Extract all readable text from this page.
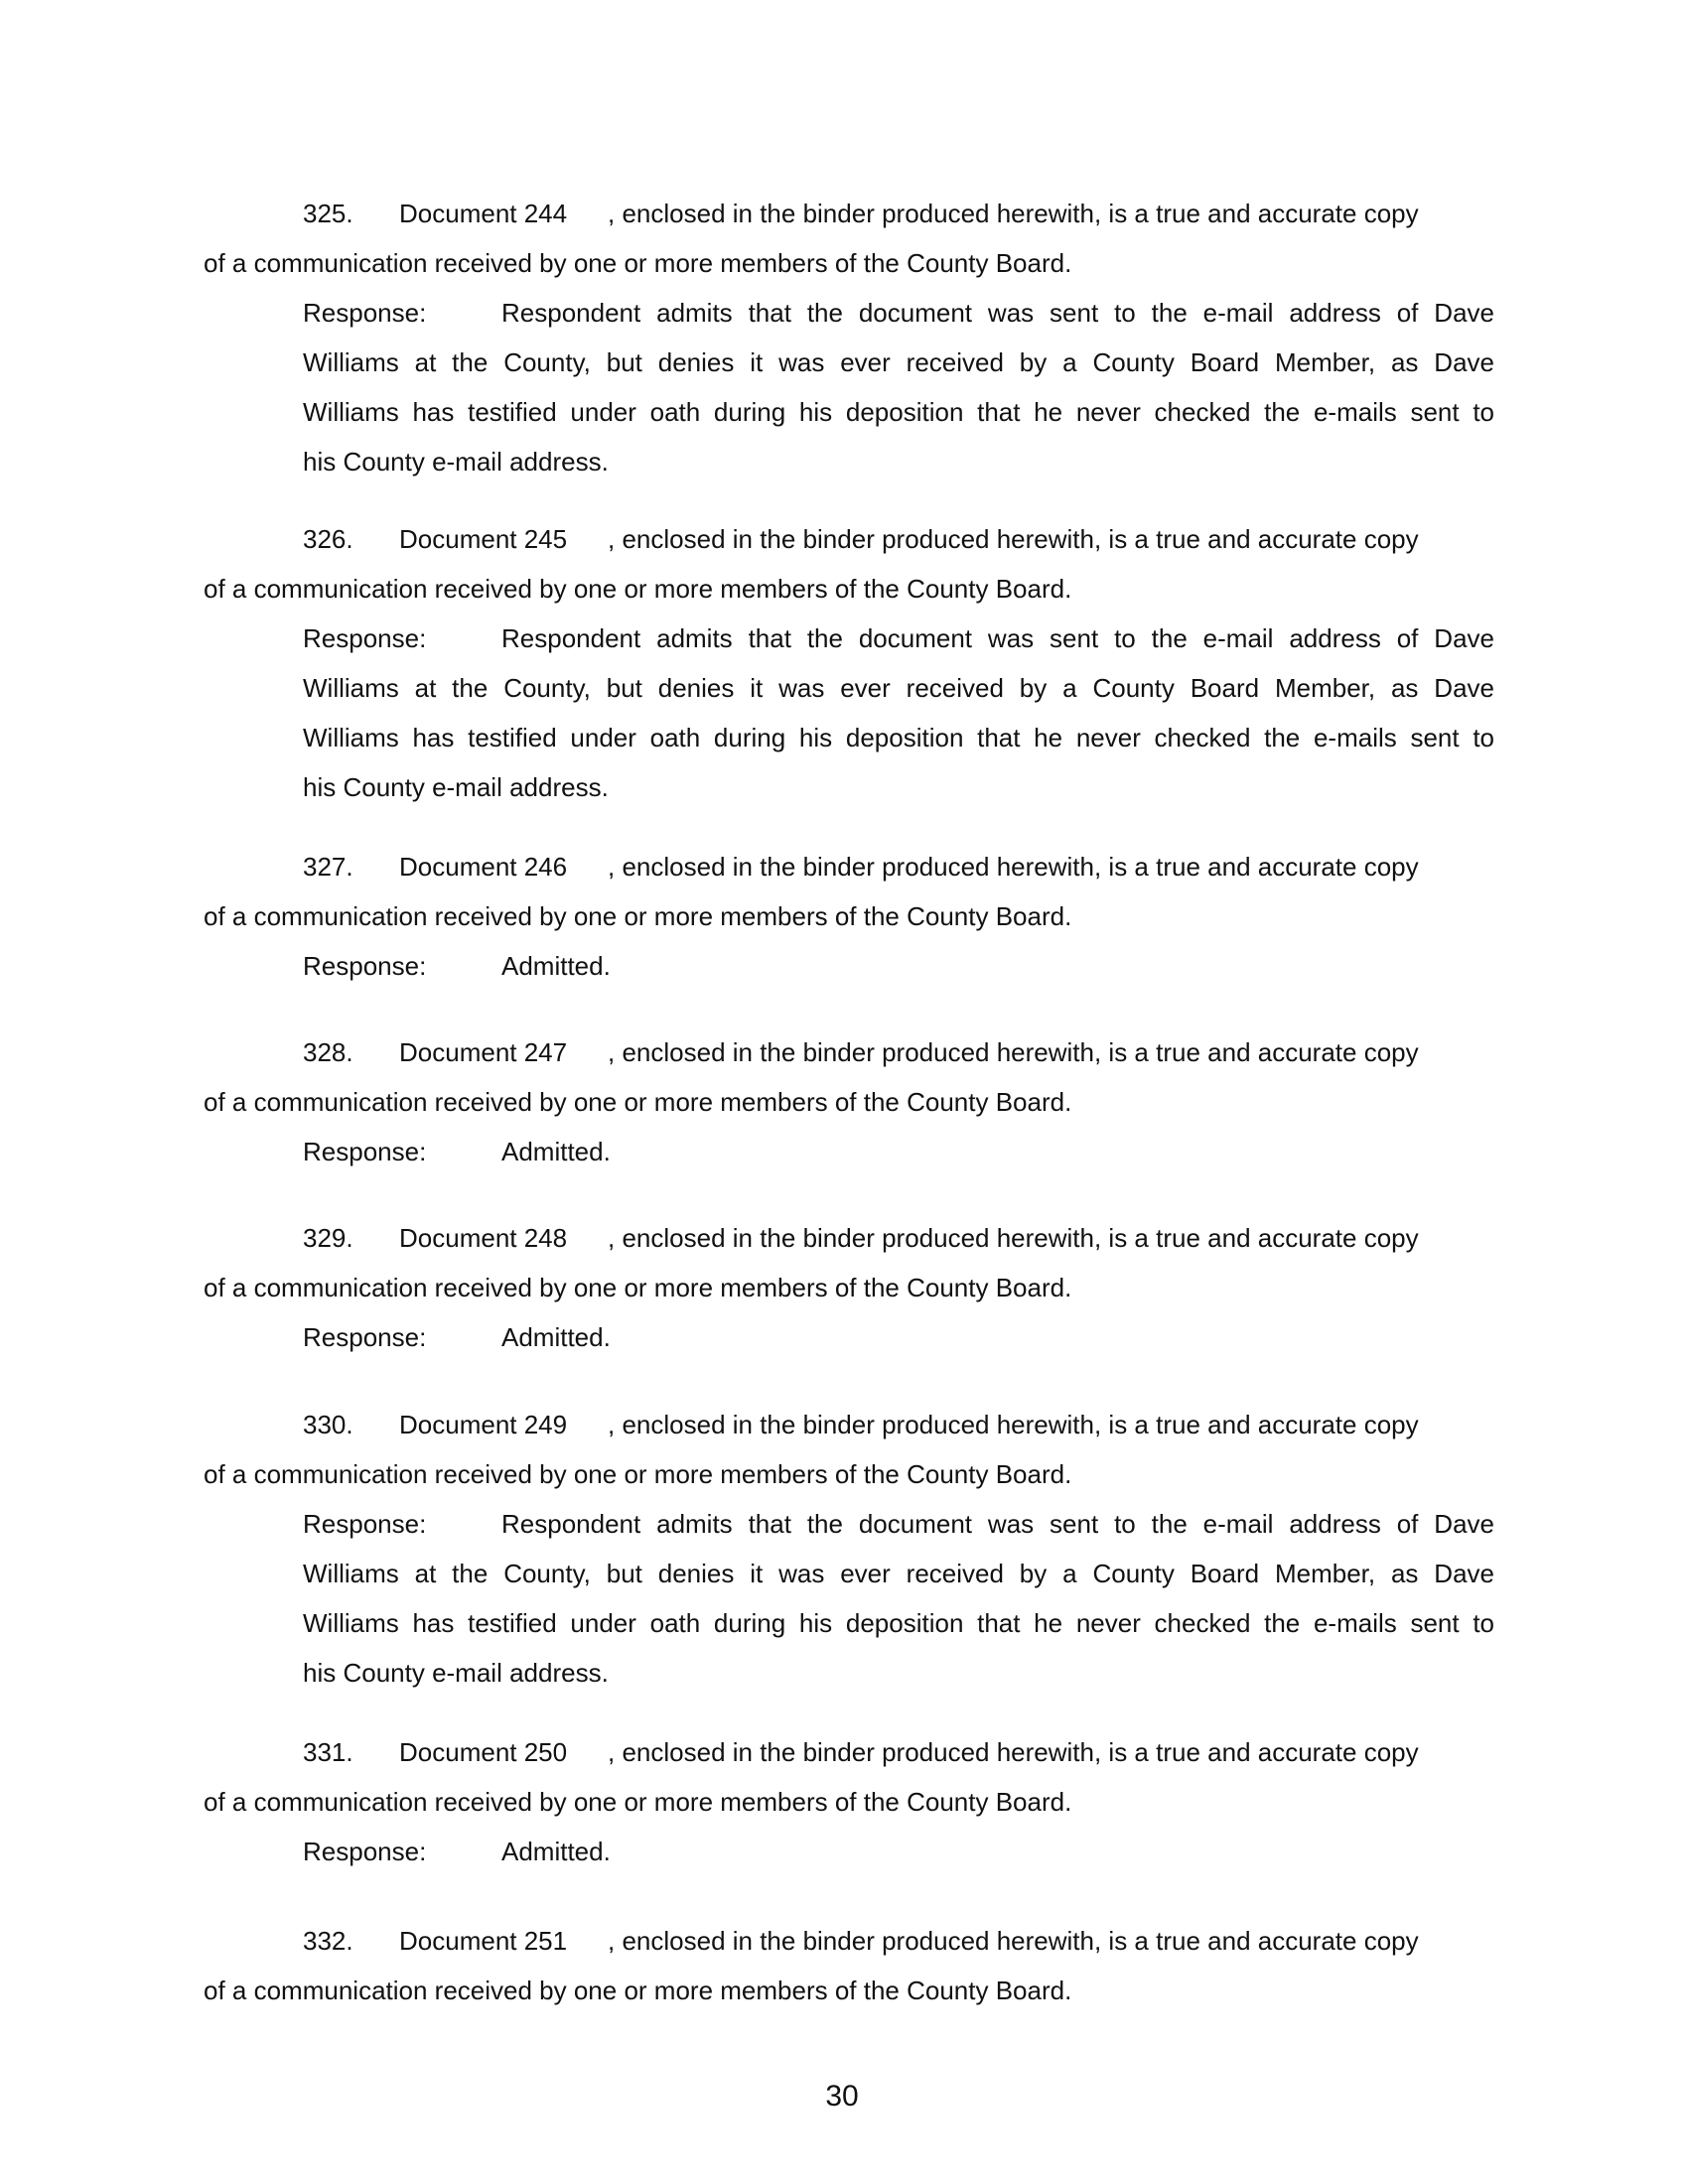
325. Document 244 , enclosed in the binder produced herewith, is a true and accurate copy
of a communication received by one or more members of the County Board.
Response:	Respondent admits that the document was sent to the e-mail address of Dave
Williams at the County, but denies it was ever received by a County Board Member, as Dave
Williams has testified under oath during his deposition that he never checked the e-mails sent to
his County e-mail address.
326. Document 245 , enclosed in the binder produced herewith, is a true and accurate copy
of a communication received by one or more members of the County Board.
Response:	Respondent admits that the document was sent to the e-mail address of Dave
Williams at the County, but denies it was ever received by a County Board Member, as Dave
Williams has testified under oath during his deposition that he never checked the e-mails sent to
his County e-mail address.
327. Document 246 , enclosed in the binder produced herewith, is a true and accurate copy
of a communication received by one or more members of the County Board.
Response:	Admitted.
328. Document 247 , enclosed in the binder produced herewith, is a true and accurate copy
of a communication received by one or more members of the County Board.
Response:	Admitted.
329. Document 248 , enclosed in the binder produced herewith, is a true and accurate copy
of a communication received by one or more members of the County Board.
Response:	Admitted.
330. Document 249 , enclosed in the binder produced herewith, is a true and accurate copy
of a communication received by one or more members of the County Board.
Response:	Respondent admits that the document was sent to the e-mail address of Dave
Williams at the County, but denies it was ever received by a County Board Member, as Dave
Williams has testified under oath during his deposition that he never checked the e-mails sent to
his County e-mail address.
331. Document 250 , enclosed in the binder produced herewith, is a true and accurate copy
of a communication received by one or more members of the County Board.
Response:	Admitted.
332. Document 251 , enclosed in the binder produced herewith, is a true and accurate copy
of a communication received by one or more members of the County Board.
30
